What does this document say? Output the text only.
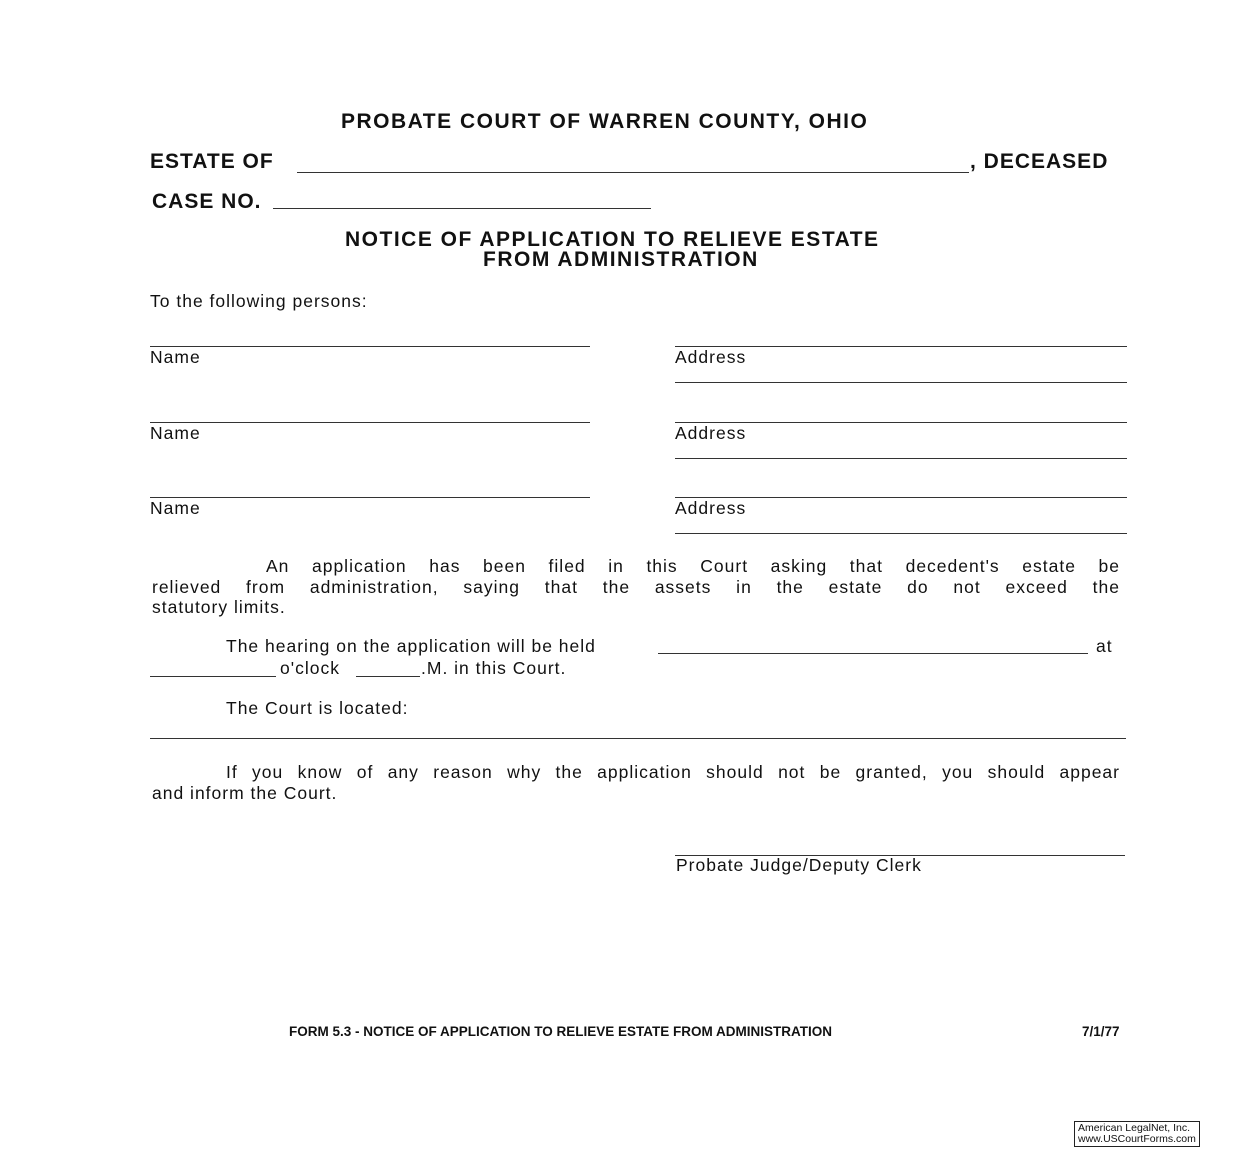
PROBATE COURT OF WARREN COUNTY, OHIO
ESTATE OF	, DECEASED
CASE NO.
NOTICE OF APPLICATION TO RELIEVE ESTATE
FROM ADMINISTRATION
To the following persons:
Name	Address
Name	Address
Name	Address
An application has been filed in this Court asking that decedent's estate be
relieved from administration, saying that the assets in the estate do not exceed the
statutory limits.
The hearing on the application will be held	at
o'clock	.M. in this Court.
The Court is located:
If you know of any reason why the application should not be granted, you should appear
and inform the Court.
Probate Judge/Deputy Clerk
FORM 5.3 - NOTICE OF APPLICATION TO RELIEVE ESTATE FROM ADMINISTRATION	7/1/77
American LegalNet, Inc.
www.USCourtForms.com
